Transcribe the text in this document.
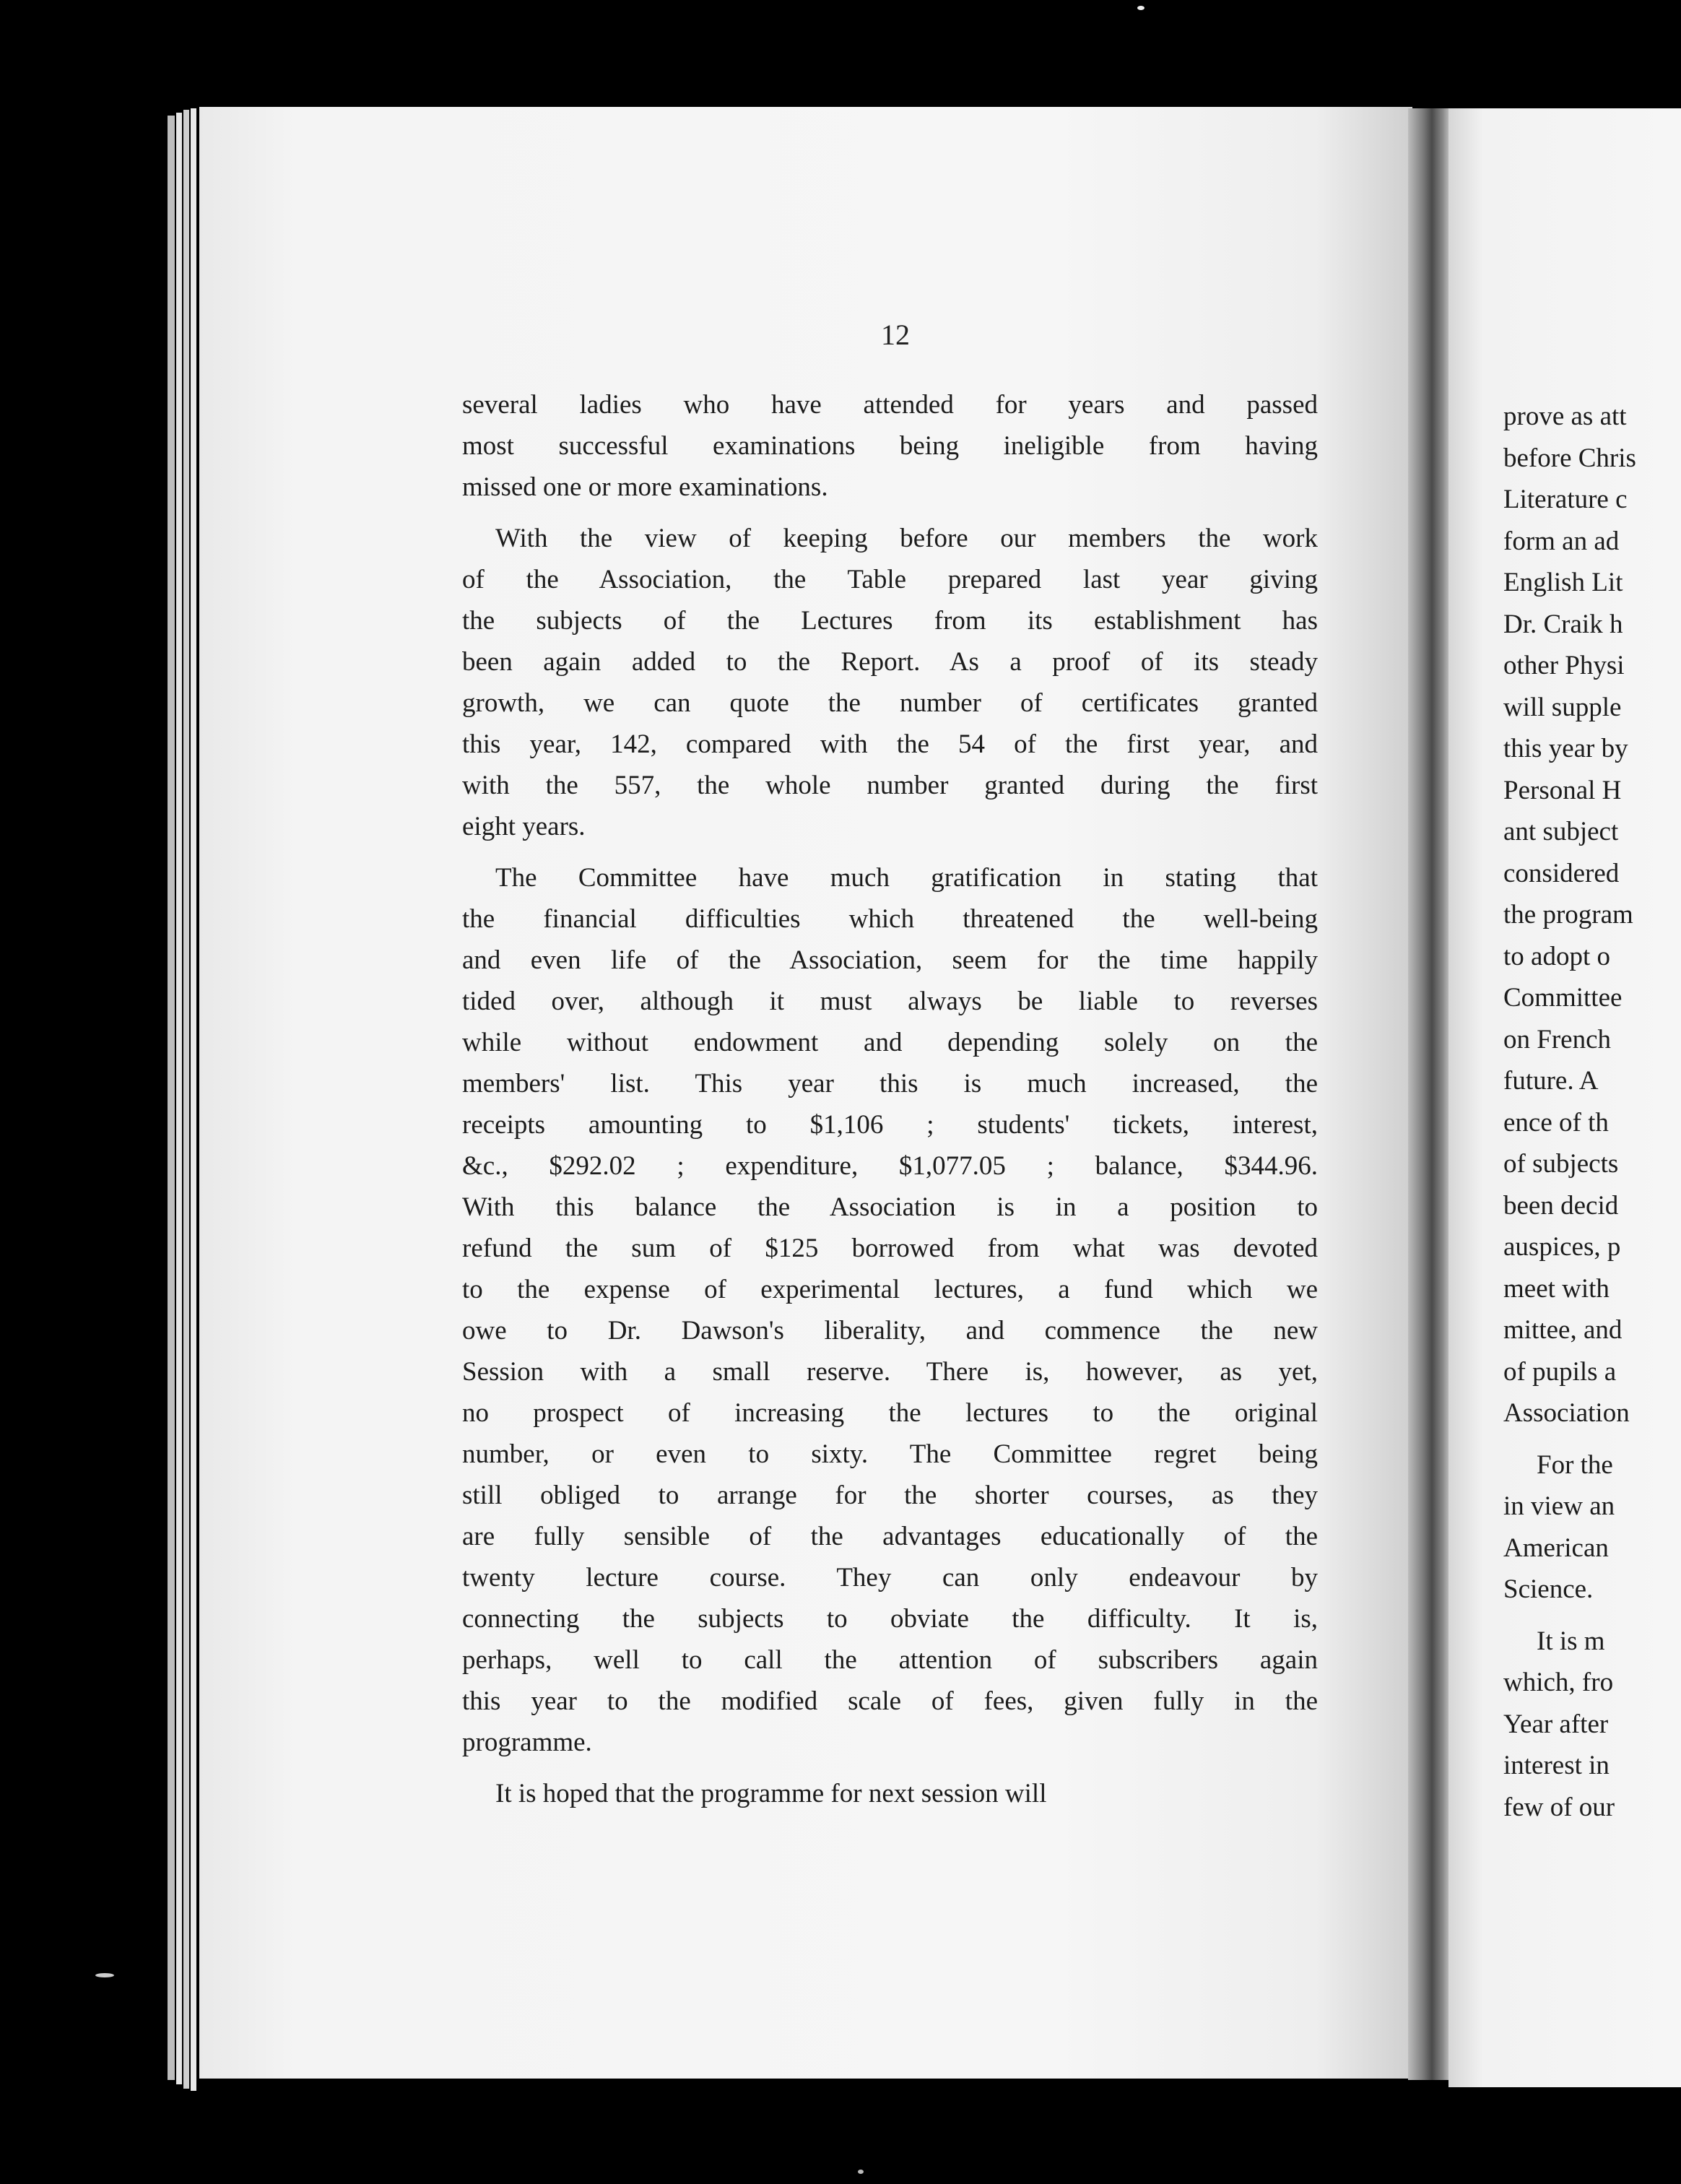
12
several ladies who have attended for years and passed
most successful examinations being ineligible from having
missed one or more examinations.
With the view of keeping before our members the work
of the Association, the Table prepared last year giving
the subjects of the Lectures from its establishment has
been again added to the Report. As a proof of its steady
growth, we can quote the number of certificates granted
this year, 142, compared with the 54 of the first year, and
with the 557, the whole number granted during the first
eight years.
The Committee have much gratification in stating that
the financial difficulties which threatened the well-being
and even life of the Association, seem for the time happily
tided over, although it must always be liable to reverses
while without endowment and depending solely on the
members' list. This year this is much increased, the
receipts amounting to $1,106 ; students' tickets, interest,
&c., $292.02 ; expenditure, $1,077.05 ; balance, $344.96.
With this balance the Association is in a position to
refund the sum of $125 borrowed from what was devoted
to the expense of experimental lectures, a fund which we
owe to Dr. Dawson's liberality, and commence the new
Session with a small reserve. There is, however, as yet,
no prospect of increasing the lectures to the original
number, or even to sixty. The Committee regret being
still obliged to arrange for the shorter courses, as they
are fully sensible of the advantages educationally of the
twenty lecture course. They can only endeavour by
connecting the subjects to obviate the difficulty. It is,
perhaps, well to call the attention of subscribers again
this year to the modified scale of fees, given fully in the
programme.
It is hoped that the programme for next session will
prove as att
before Chris
Literature c
form an ad
English Lit
Dr. Craik h
other Physi
will supple
this year by
Personal H
ant subject
considered
the program
to adopt o
Committee
on French
future. A
ence of th
of subjects
been decid
auspices, p
meet with
mittee, and
of pupils a
Association
For the
in view an
American
Science.
It is m
which, fro
Year after
interest in
few of our
